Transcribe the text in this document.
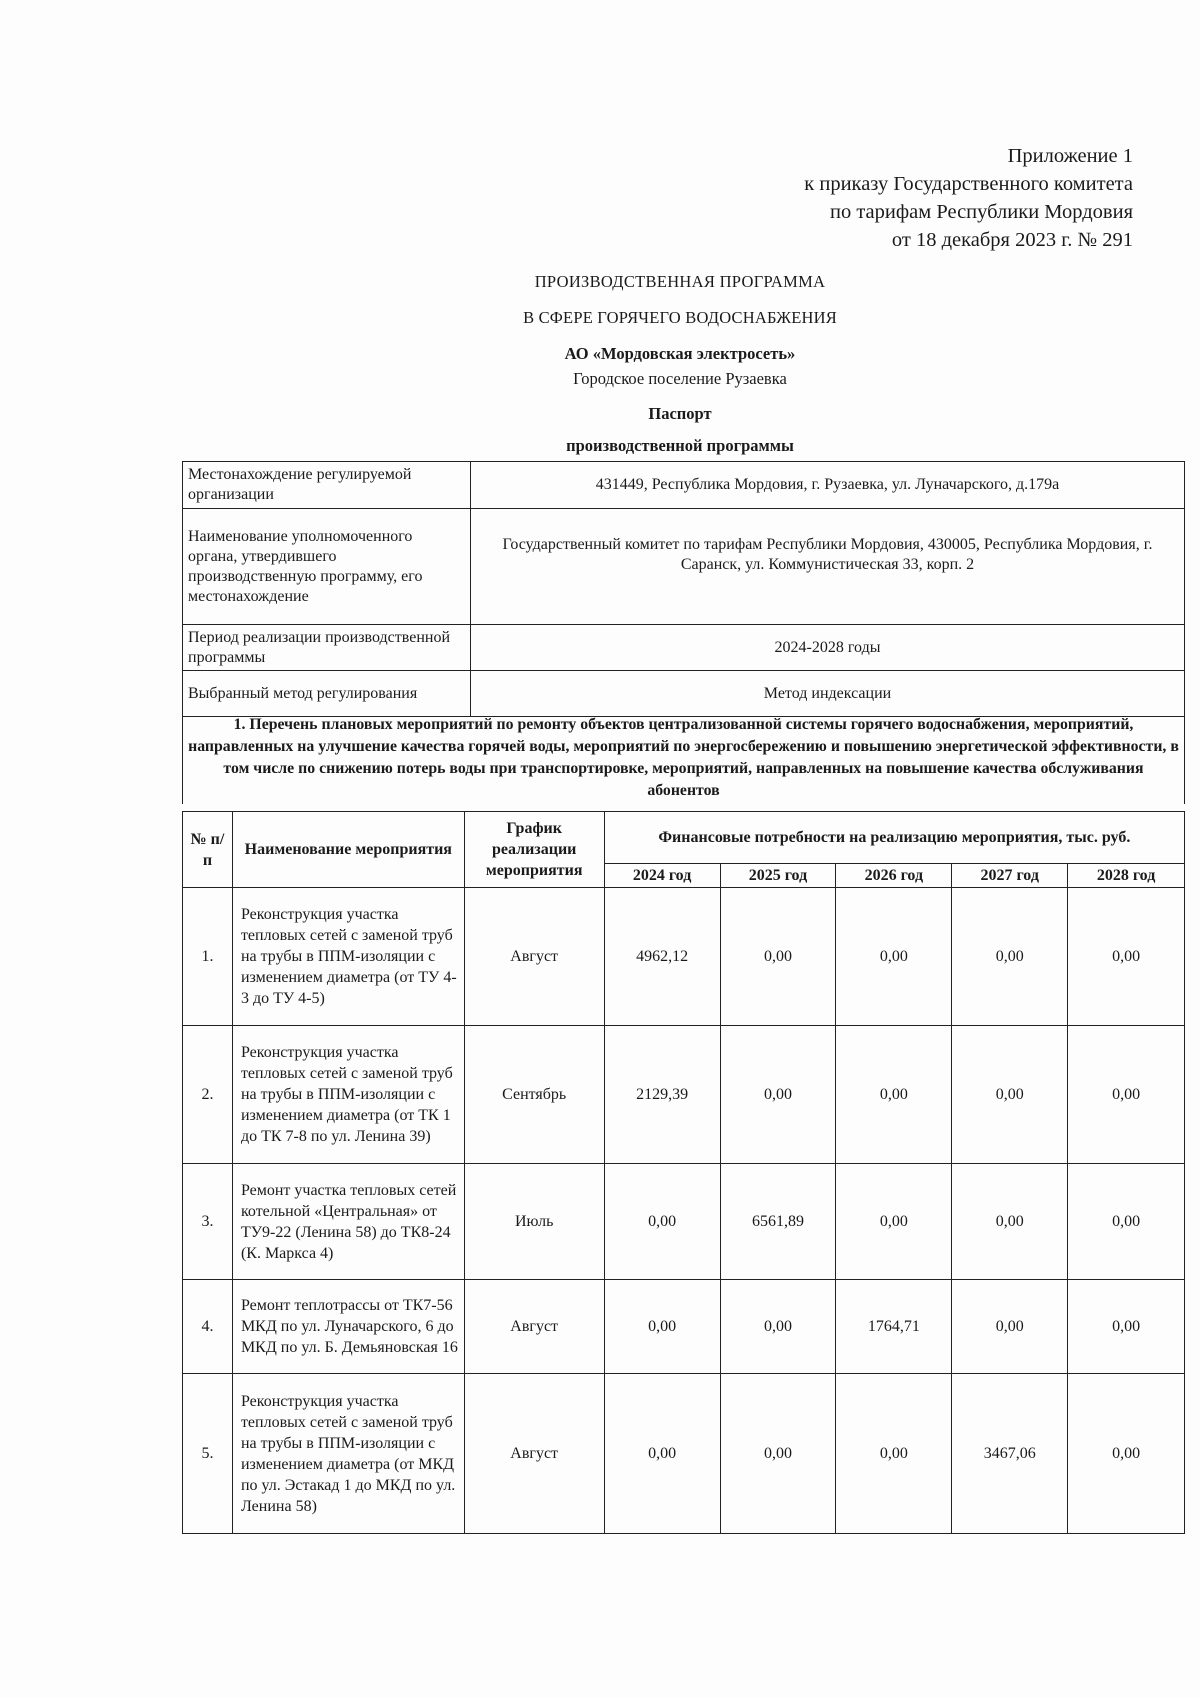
Приложение 1
к приказу Государственного комитета
по тарифам Республики Мордовия
от 18 декабря 2023 г. № 291
ПРОИЗВОДСТВЕННАЯ ПРОГРАММА
В СФЕРЕ ГОРЯЧЕГО ВОДОСНАБЖЕНИЯ
АО «Мордовская электросеть»
Городское поселение Рузаевка
Паспорт
производственной программы
Местонахождение регулируемой организации	431449, Республика Мордовия, г. Рузаевка, ул. Луначарского, д.179а
Наименование уполномоченного органа, утвердившего производственную программу, его местонахождение	Государственный комитет по тарифам Республики Мордовия, 430005, Республика Мордовия, г. Саранск, ул. Коммунистическая 33, корп. 2
Период реализации производственной программы	2024-2028 годы
Выбранный метод регулирования	Метод индексации
1. Перечень плановых мероприятий по ремонту объектов централизованной системы горячего водоснабжения, мероприятий, направленных на улучшение качества горячей воды, мероприятий по энергосбережению и повышению энергетической эффективности, в том числе по снижению потерь воды при транспортировке, мероприятий, направленных на повышение качества обслуживания абонентов
№ п/п	Наименование мероприятия	График реализации мероприятия	Финансовые потребности на реализацию мероприятия, тыс. руб.				
			2024 год	2025 год	2026 год	2027 год	2028 год
1.	Реконструкция участка тепловых сетей с заменой труб на трубы в ППМ-изоляции с изменением диаметра (от ТУ 4-3 до ТУ 4-5)	Август	4962,12	0,00	0,00	0,00	0,00
2.	Реконструкция участка тепловых сетей с заменой труб на трубы в ППМ-изоляции с изменением диаметра (от ТК 1 до ТК 7-8 по ул. Ленина 39)	Сентябрь	2129,39	0,00	0,00	0,00	0,00
3.	Ремонт участка тепловых сетей котельной «Центральная» от ТУ9-22 (Ленина 58) до ТК8-24 (К. Маркса 4)	Июль	0,00	6561,89	0,00	0,00	0,00
4.	Ремонт теплотрассы от ТК7-56 МКД по ул. Луначарского, 6 до МКД по ул. Б. Демьяновская 16	Август	0,00	0,00	1764,71	0,00	0,00
5.	Реконструкция участка тепловых сетей с заменой труб на трубы в ППМ-изоляции с изменением диаметра (от МКД по ул. Эстакад 1 до МКД по ул. Ленина 58)	Август	0,00	0,00	0,00	3467,06	0,00
